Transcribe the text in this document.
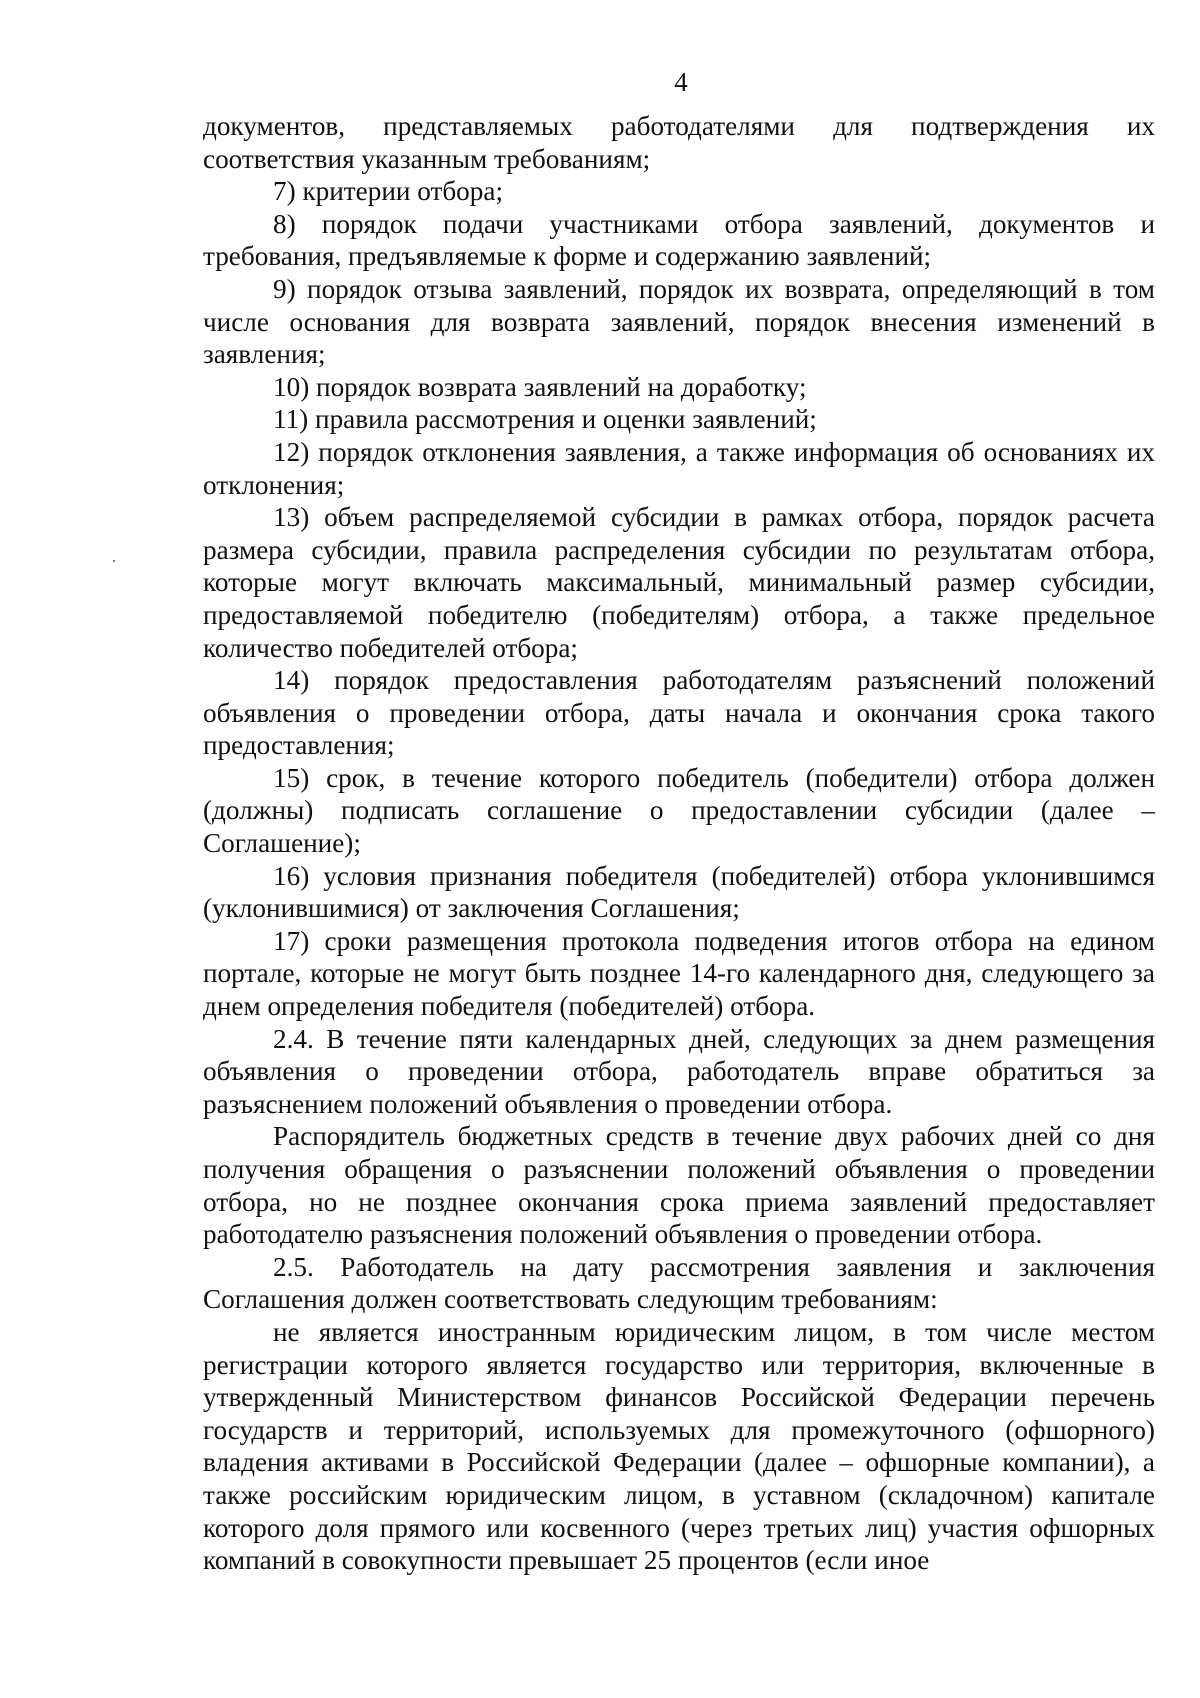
4

документов, представляемых работодателями для подтверждения их соответствия указанным требованиям;

7) критерии отбора;

8) порядок подачи участниками отбора заявлений, документов и требования, предъявляемые к форме и содержанию заявлений;

9) порядок отзыва заявлений, порядок их возврата, определяющий в том числе основания для возврата заявлений, порядок внесения изменений в заявления;

10) порядок возврата заявлений на доработку;

11) правила рассмотрения и оценки заявлений;

12) порядок отклонения заявления, а также информация об основаниях их отклонения;

13) объем распределяемой субсидии в рамках отбора, порядок расчета размера субсидии, правила распределения субсидии по результатам отбора, которые могут включать максимальный, минимальный размер субсидии, предоставляемой победителю (победителям) отбора, а также предельное количество победителей отбора;

14) порядок предоставления работодателям разъяснений положений объявления о проведении отбора, даты начала и окончания срока такого предоставления;

15) срок, в течение которого победитель (победители) отбора должен (должны) подписать соглашение о предоставлении субсидии (далее – Соглашение);

16) условия признания победителя (победителей) отбора уклонившимся (уклонившимися) от заключения Соглашения;

17) сроки размещения протокола подведения итогов отбора на едином портале, которые не могут быть позднее 14-го календарного дня, следующего за днем определения победителя (победителей) отбора.

2.4. В течение пяти календарных дней, следующих за днем размещения объявления о проведении отбора, работодатель вправе обратиться за разъяснением положений объявления о проведении отбора.

Распорядитель бюджетных средств в течение двух рабочих дней со дня получения обращения о разъяснении положений объявления о проведении отбора, но не позднее окончания срока приема заявлений предоставляет работодателю разъяснения положений объявления о проведении отбора.

2.5. Работодатель на дату рассмотрения заявления и заключения Соглашения должен соответствовать следующим требованиям:

не является иностранным юридическим лицом, в том числе местом регистрации которого является государство или территория, включенные в утвержденный Министерством финансов Российской Федерации перечень государств и территорий, используемых для промежуточного (офшорного) владения активами в Российской Федерации (далее – офшорные компании), а также российским юридическим лицом, в уставном (складочном) капитале которого доля прямого или косвенного (через третьих лиц) участия офшорных компаний в совокупности превышает 25 процентов (если иное
